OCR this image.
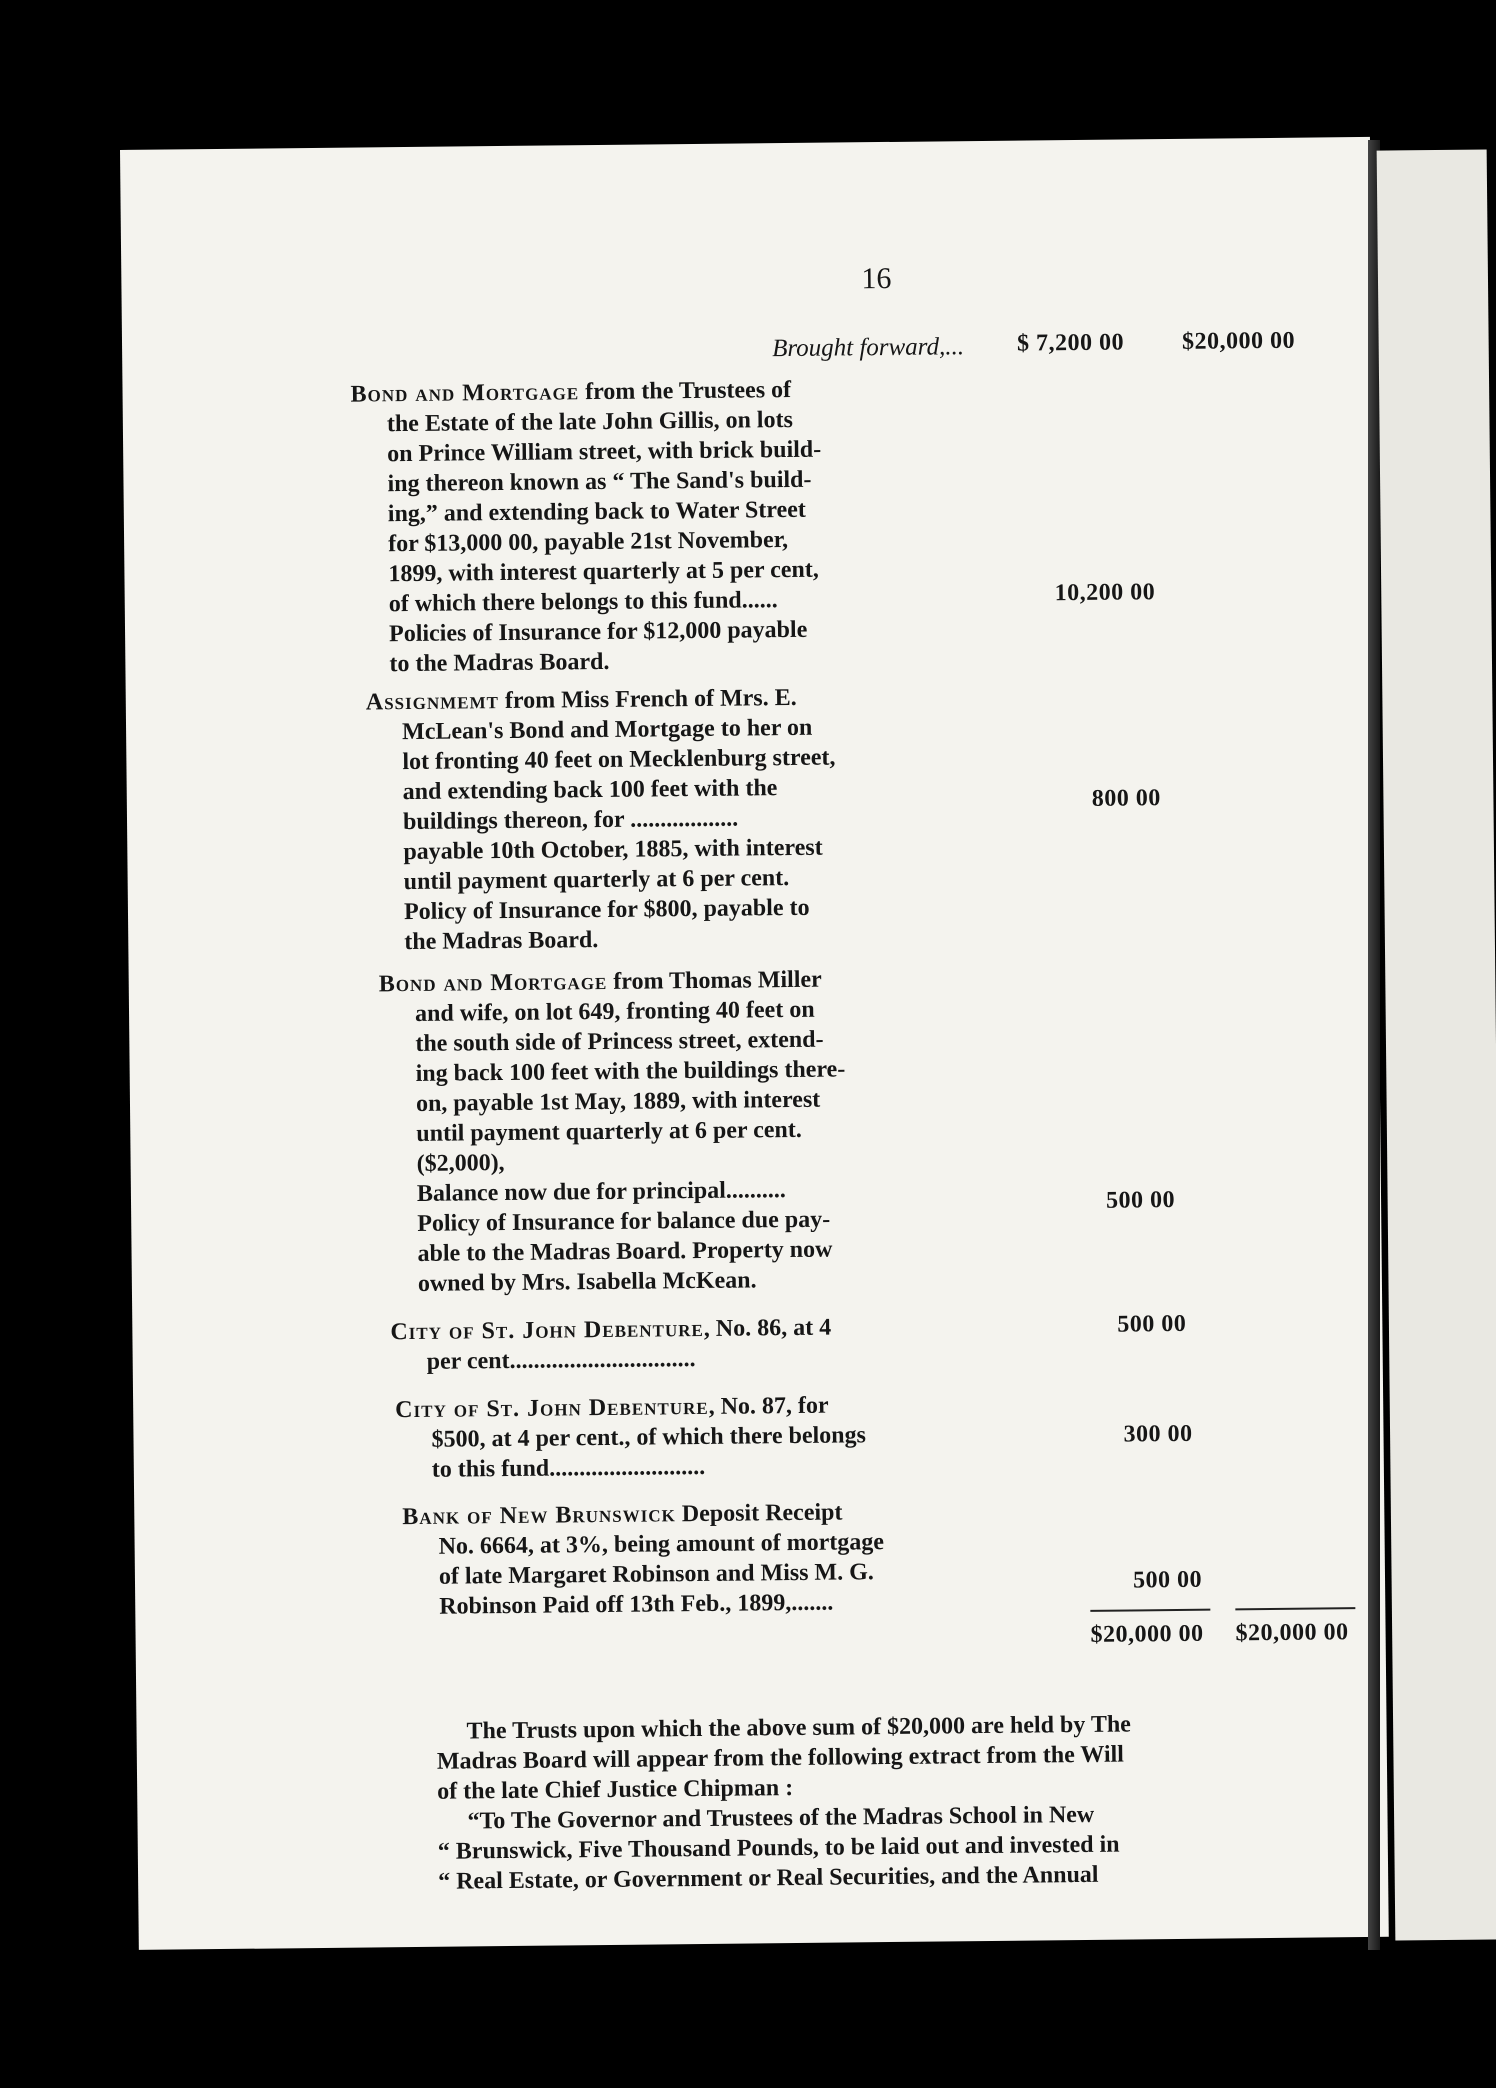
16
Brought forward,... $ 7,200 00 $20,000 00
Bond and Mortgage from the Trustees of
the Estate of the late John Gillis, on lots
on Prince William street, with brick build-
ing thereon known as “ The Sand's build-
ing,” and extending back to Water Street
for $13,000 00, payable 21st November,
1899, with interest quarterly at 5 per cent,
of which there belongs to this fund......
Policies of Insurance for $12,000 payable
to the Madras Board.
10,200 00
Assignmemt from Miss French of Mrs. E.
McLean's Bond and Mortgage to her on
lot fronting 40 feet on Mecklenburg street,
and extending back 100 feet with the
buildings thereon, for ..................
payable 10th October, 1885, with interest
until payment quarterly at 6 per cent.
Policy of Insurance for $800, payable to
the Madras Board.
800 00
Bond and Mortgage from Thomas Miller
and wife, on lot 649, fronting 40 feet on
the south side of Princess street, extend-
ing back 100 feet with the buildings there-
on, payable 1st May, 1889, with interest
until payment quarterly at 6 per cent.
($2,000),
Balance now due for principal..........
Policy of Insurance for balance due pay-
able to the Madras Board. Property now
owned by Mrs. Isabella McKean.
500 00
City of St. John Debenture, No. 86, at 4
per cent...............................
500 00
City of St. John Debenture, No. 87, for
$500, at 4 per cent., of which there belongs
to this fund..........................
300 00
Bank of New Brunswick Deposit Receipt
No. 6664, at 3%, being amount of mortgage
of late Margaret Robinson and Miss M. G.
Robinson Paid off 13th Feb., 1899,.......
500 00
$20,000 00 $20,000 00
The Trusts upon which the above sum of $20,000 are held by The
Madras Board will appear from the following extract from the Will
of the late Chief Justice Chipman :
“To The Governor and Trustees of the Madras School in New
“ Brunswick, Five Thousand Pounds, to be laid out and invested in
“ Real Estate, or Government or Real Securities, and the Annual
